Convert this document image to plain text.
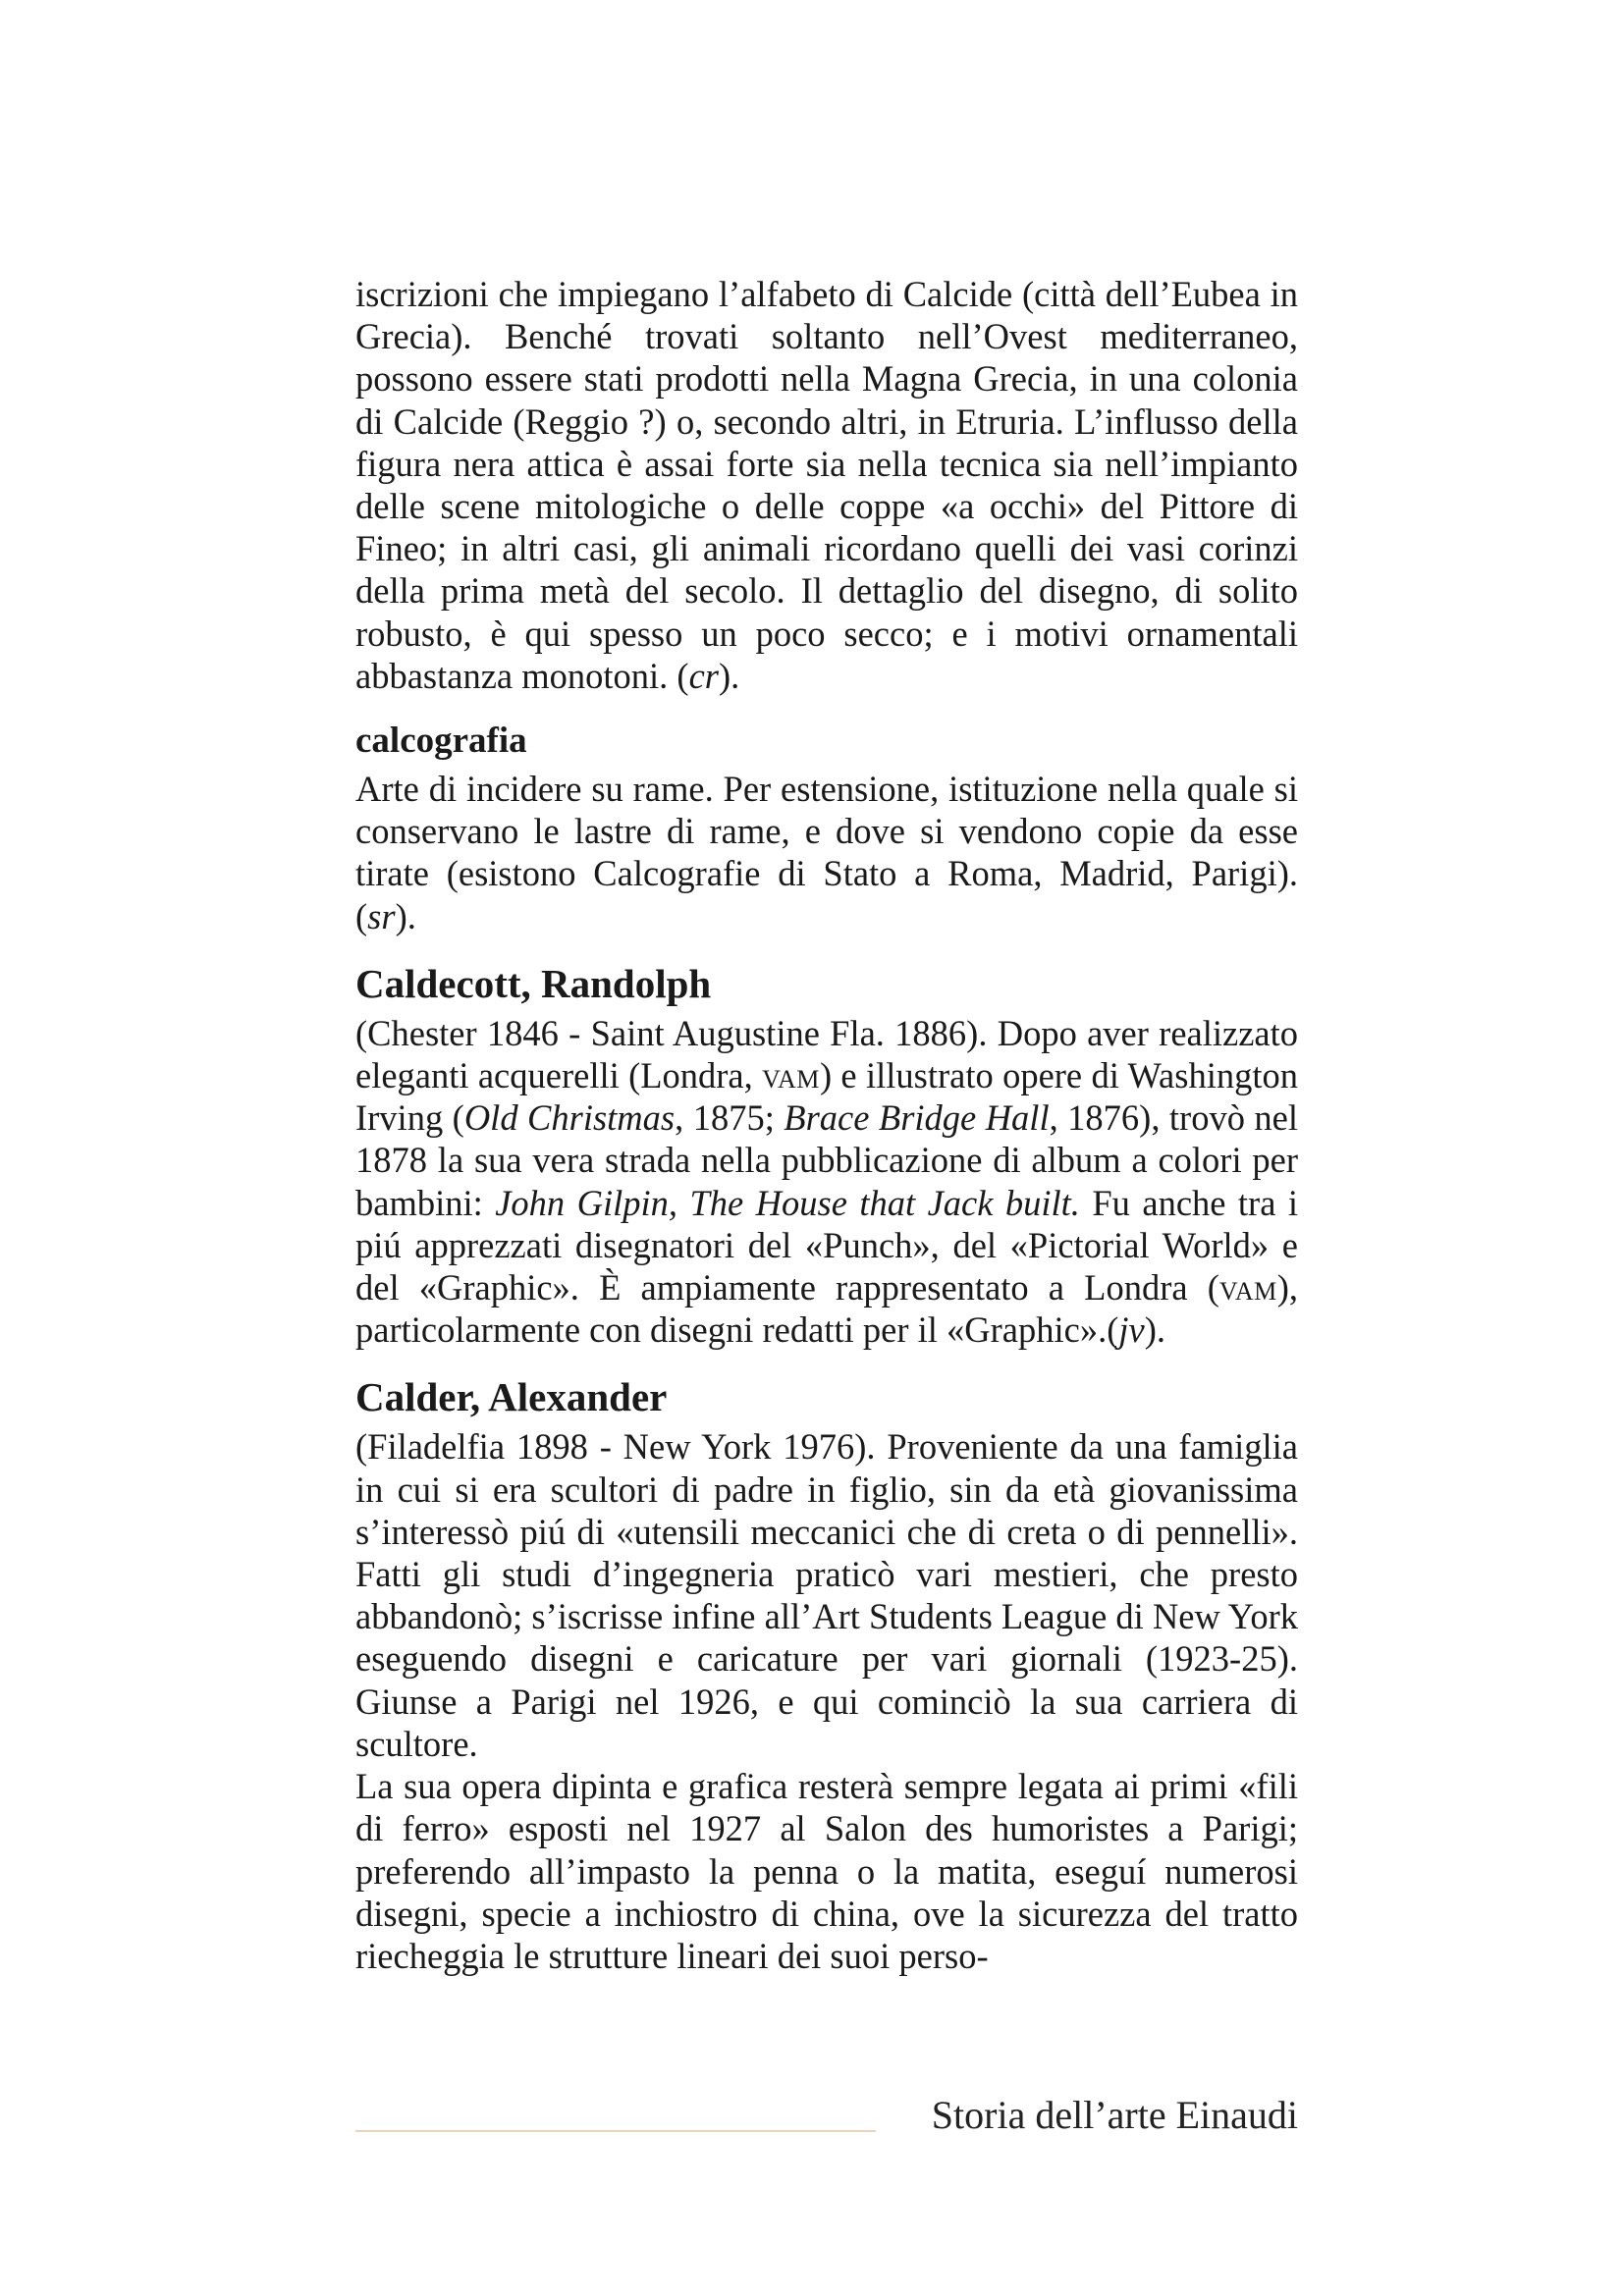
iscrizioni che impiegano l’alfabeto di Calcide (città dell’Eubea in Grecia). Benché trovati soltanto nell’Ovest mediterraneo, possono essere stati prodotti nella Magna Grecia, in una colonia di Calcide (Reggio ?) o, secondo altri, in Etruria. L’influsso della figura nera attica è assai forte sia nella tecnica sia nell’impianto delle scene mitologiche o delle coppe «a occhi» del Pittore di Fineo; in altri casi, gli animali ricordano quelli dei vasi corinzi della prima metà del secolo. Il dettaglio del disegno, di solito robusto, è qui spesso un poco secco; e i motivi ornamentali abbastanza monotoni. (cr).

calcografia

Arte di incidere su rame. Per estensione, istituzione nella quale si conservano le lastre di rame, e dove si vendono copie da esse tirate (esistono Calcografie di Stato a Roma, Madrid, Parigi). (sr).

Caldecott, Randolph

(Chester 1846 - Saint Augustine Fla. 1886). Dopo aver realizzato eleganti acquerelli (Londra, vam) e illustrato opere di Washington Irving (Old Christmas, 1875; Brace Bridge Hall, 1876), trovò nel 1878 la sua vera strada nella pubblicazione di album a colori per bambini: John Gilpin, The House that Jack built. Fu anche tra i piú apprezzati disegnatori del «Punch», del «Pictorial World» e del «Graphic». È ampiamente rappresentato a Londra (vam), particolarmente con disegni redatti per il «Graphic».(jv).

Calder, Alexander

(Filadelfia 1898 - New York 1976). Proveniente da una famiglia in cui si era scultori di padre in figlio, sin da età giovanissima s’interessò piú di «utensili meccanici che di creta o di pennelli». Fatti gli studi d’ingegneria praticò vari mestieri, che presto abbandonò; s’iscrisse infine all’Art Students League di New York eseguendo disegni e caricature per vari giornali (1923-25). Giunse a Parigi nel 1926, e qui cominciò la sua carriera di scultore.

La sua opera dipinta e grafica resterà sempre legata ai primi «fili di ferro» esposti nel 1927 al Salon des humoristes a Parigi; preferendo all’impasto la penna o la matita, eseguí numerosi disegni, specie a inchiostro di china, ove la sicurezza del tratto riecheggia le strutture lineari dei suoi perso-

Storia dell’arte Einaudi
